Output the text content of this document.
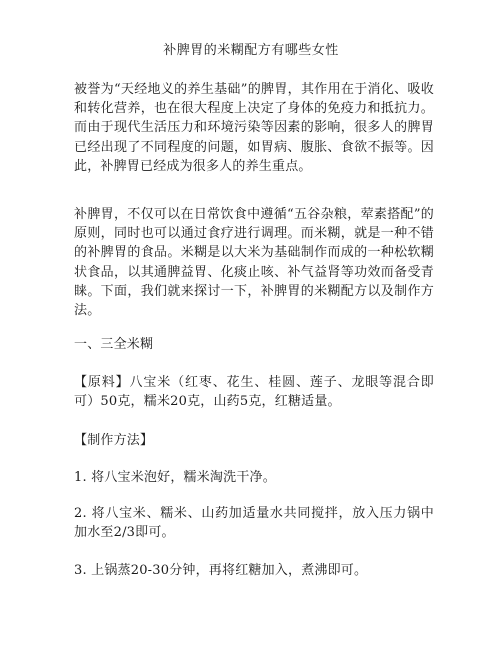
补脾胃的米糊配方有哪些女性

被誉为“天经地义的养生基础”的脾胃，其作用在于消化、吸收和转化营养，也在很大程度上决定了身体的免疫力和抵抗力。而由于现代生活压力和环境污染等因素的影响，很多人的脾胃已经出现了不同程度的问题，如胃病、腹胀、食欲不振等。因此，补脾胃已经成为很多人的养生重点。

补脾胃，不仅可以在日常饮食中遵循“五谷杂粮，荤素搭配”的原则，同时也可以通过食疗进行调理。而米糊，就是一种不错的补脾胃的食品。米糊是以大米为基础制作而成的一种松软糊状食品，以其通脾益胃、化痰止咳、补气益肾等功效而备受青睐。下面，我们就来探讨一下，补脾胃的米糊配方以及制作方法。

一、三全米糊

【原料】八宝米（红枣、花生、桂圆、莲子、龙眼等混合即可）50克，糯米20克，山药5克，红糖适量。

【制作方法】

1. 将八宝米泡好，糯米淘洗干净。

2. 将八宝米、糯米、山药加适量水共同搅拌，放入压力锅中加水至2/3即可。

3. 上锅蒸20-30分钟，再将红糖加入，煮沸即可。
